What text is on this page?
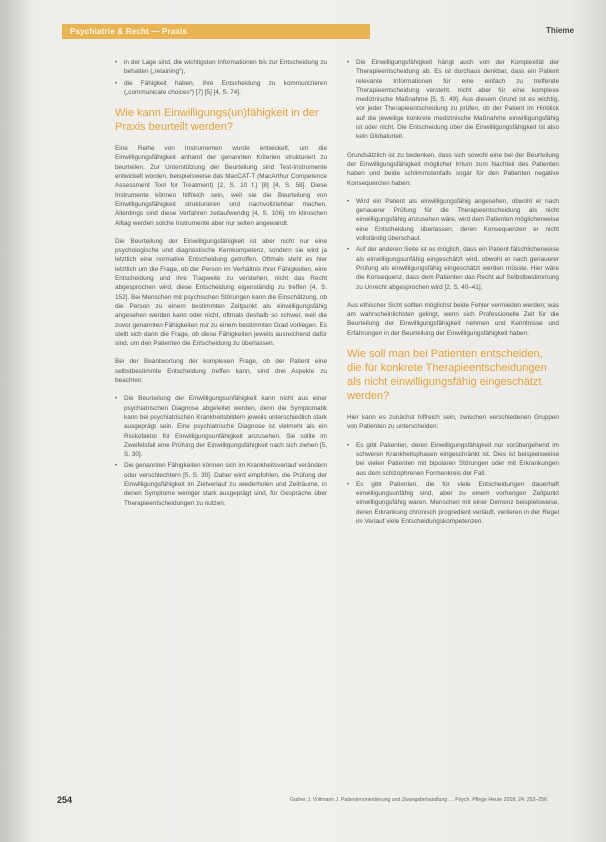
Psychiatrie & Recht — Praxis	Thieme
• in der Lage sind, die wichtigsten Informationen bis zur Entscheidung zu behalten („retaining“),
• die Fähigkeit haben, ihre Entscheidung zu kommunizieren („communicate choices“) [7] [5] [4, S. 74].
Wie kann Einwilligungs(un)fähigkeit in der Praxis beurteilt werden?

Eine Reihe von Instrumenten wurde entwickelt, um die Einwilligungsfähigkeit anhand der genannten Kriterien strukturiert zu beurteilen. Zur Unterstützung der Beurteilung sind Test-Instrumente entwickelt worden, beispielsweise das MacCAT-T (MacArthur Competence Assessment Tool for Treatment) [2, S. 10 f.] [8] [4, S. 58]. Diese Instrumente können hilfreich sein, weil sie die Beurteilung von Einwilligungsfähigkeit strukturieren und nachvollziehbar machen. Allerdings sind diese Verfahren zeitaufwendig [4, S. 106]. Im klinischen Alltag werden solche Instrumente aber nur selten angewandt.

Die Beurteilung der Einwilligungsfähigkeit ist aber nicht nur eine psychologische und diagnostische Kernkompetenz, sondern sie wird ja letztlich eine normative Entscheidung getroffen. Oftmals steht es hier letztlich um die Frage, ob der Person im Verhältnis ihrer Fähigkeiten, eine Entscheidung und ihre Tragweite zu verstehen, nicht das Recht abgesprochen wird, diese Entscheidung eigenständig zu treffen [4, S. 152]. Bei Menschen mit psychischen Störungen kann die Einschätzung, ob die Person zu einem bestimmten Zeitpunkt als einwilligungsfähig angesehen werden kann oder nicht, oftmals deshalb so schwer, weil die zuvor genannten Fähigkeiten nur zu einem bestimmten Grad vorliegen. Es stellt sich dann die Frage, ob diese Fähigkeiten jeweils ausreichend dafür sind, um den Patienten die Entscheidung zu überlassen.

Bei der Beantwortung der komplexen Frage, ob der Patient eine selbstbestimmte Entscheidung treffen kann, sind drei Aspekte zu beachten:

• Die Beurteilung der Einwilligungsunfähigkeit kann nicht aus einer psychiatrischen Diagnose abgeleitet werden, denn die Symptomatik kann bei psychiatrischen Krankheitsbildern jeweils unterschiedlich stark ausgeprägt sein. Eine psychiatrische Diagnose ist vielmehr als ein Risikofaktor für Einwilligungsunfähigkeit anzusehen. Sie sollte im Zweifelsfall eine Prüfung der Einwilligungsfähigkeit nach sich ziehen [5, S. 30].
• Die genannten Fähigkeiten können sich im Krankheitsverlauf verändern oder verschlechtern [5, S. 30]. Daher wird empfohlen, die Prüfung der Einwilligungsfähigkeit im Zeitverlauf zu wiederholen und Zeiträume, in denen Symptome weniger stark ausgeprägt sind, für Gespräche über Therapieentscheidungen zu nutzen.
• Die Einwilligungsfähigkeit hängt auch von der Komplexität der Therapieentscheidung ab. Es ist durchaus denkbar, dass ein Patient relevante Informationen für eine einfach zu treffende Therapieentscheidung versteht, nicht aber für eine komplexe medizinische Maßnahme [5, S. 49]. Aus diesem Grund ist es wichtig, vor jeder Therapieentscheidung zu prüfen, ob der Patient im Hinblick auf die jeweilige konkrete medizinische Maßnahme einwilligungsfähig ist oder nicht. Die Entscheidung über die Einwilligungsfähigkeit ist also kein Globalurteil.

Grundsätzlich ist zu bedenken, dass sich sowohl eine bei der Beurteilung der Einwilligungsfähigkeit möglicher Irrtum zum Nachteil des Patienten haben und beide schlimmstenfalls sogar für den Patienten negative Konsequenzen haben:

• Wird ein Patient als einwilligungsfähig angesehen, obwohl er nach genauerer Prüfung für die Therapieentscheidung als nicht einwilligungsfähig anzusehen wäre, wird dem Patienten möglicherweise eine Entscheidung überlassen, deren Konsequenzen er nicht vollständig überschaut.
• Auf der anderen Seite ist es möglich, dass ein Patient fälschlicherweise als einwilligungsunfähig eingeschätzt wird, obwohl er nach genauerer Prüfung als einwilligungsfähig eingeschätzt werden müsste. Hier wäre die Konsequenz, dass dem Patienten das Recht auf Selbstbestimmung zu Unrecht abgesprochen wird [2, S. 40–41].

Aus ethischer Sicht sollten möglichst beide Fehler vermieden werden; was am wahrscheinlichsten gelingt, wenn sich Professionelle Zeit für die Beurteilung der Einwilligungsfähigkeit nehmen und Kenntnisse und Erfahrungen in der Beurteilung der Einwilligungsfähigkeit haben.

Wie soll man bei Patienten entscheiden, die für konkrete Therapieentscheidungen als nicht einwilligungsfähig eingeschätzt werden?

Hier kann es zunächst hilfreich sein, zwischen verschiedenen Gruppen von Patienten zu unterscheiden:

• Es gibt Patienten, deren Einwilligungsfähigkeit nur vorübergehend im schweren Krankheitsphasen eingeschränkt ist. Dies ist beispielsweise bei vielen Patienten mit bipolaren Störungen oder mit Erkrankungen aus dem schizophrenen Formenkreis der Fall.
• Es gibt Patienten, die für viele Entscheidungen dauerhaft einwilligungsunfähig sind, aber zu einem vorherigen Zeitpunkt einwilligungsfähig waren. Menschen mit einer Demenz beispielsweise, deren Erkrankung chronisch progredient verläuft, verlieren in der Regel im Verlauf viele Entscheidungskompetenzen.
254	Gather J, Vollmann J. Patientenorientierung und Zwangsbehandlung … Psych. Pflege Heute 2018; 24: 252–256
